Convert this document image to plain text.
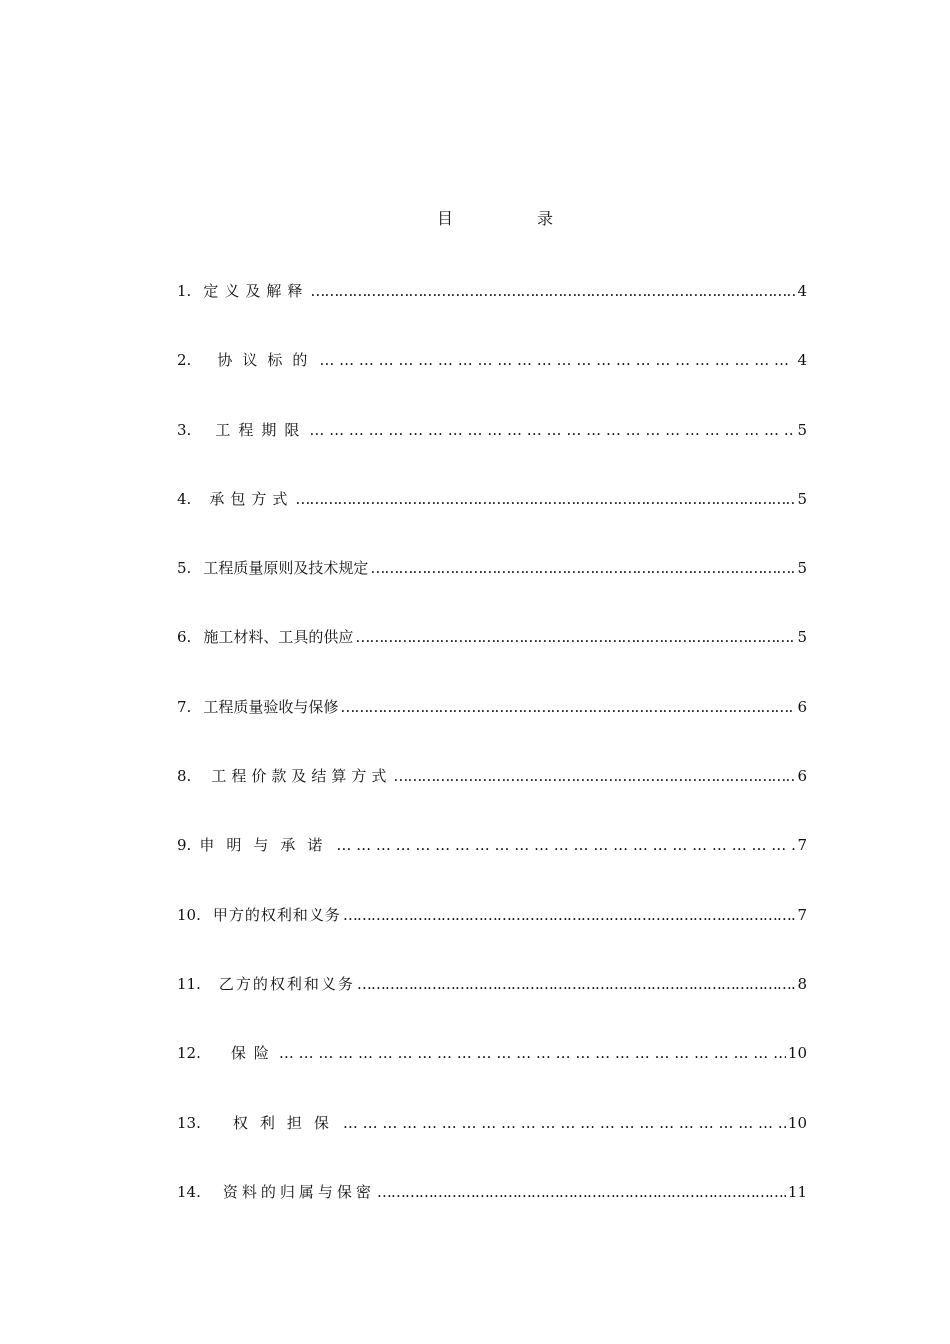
目	录
1. 定义及解释 …………………………………………………………………………………………………………………………………………	4
2. 协议标的 … … … … … … … … … … … … … … … … … … … … … … … … … … … … … … … … … … … … … …	4
3. 工程期限 … … … … … … … … … … … … … … … … … … … … … … … … … … … … … … … … … … … … … …	5
4. 承包方式 …………………………………………………………………………………………………………………………………………	5
5. 工程质量原则及技术规定 …………………………………………………………………………………………………………………………………………	5
6. 施工材料、工具的供应 …………………………………………………………………………………………………………………………………………	5
7. 工程质量验收与保修 …………………………………………………………………………………………………………………………………………	6
8. 工程价款及结算方式 …………………………………………………………………………………………………………………………………………	6
9. 申明与承诺 … … … … … … … … … … … … … … … … … … … … … … … … … … … … … … … … … … … … … …	7
10. 甲方的权利和义务 …………………………………………………………………………………………………………………………………………	7
11. 乙方的权利和义务 …………………………………………………………………………………………………………………………………………	8
12. 保险 … … … … … … … … … … … … … … … … … … … … … … … … … … … … … … … … … … … … … …	10
13. 权利担保 … … … … … … … … … … … … … … … … … … … … … … … … … … … … … … … … … … … … … …	10
14. 资料的归属与保密 …………………………………………………………………………………………………………………………………………	11
